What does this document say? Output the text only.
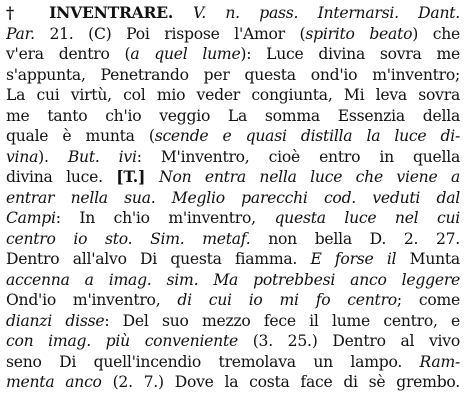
† INVENTRARE. V. n. pass. Internarsi. Dant.
Par. 21. (C) Poi rispose l'Amor (spirito beato) che
v'era dentro (a quel lume): Luce divina sovra me
s'appunta, Penetrando per questa ond'io m'inventro;
La cui virtù, col mio veder congiunta, Mi leva sovra
me tanto ch'io veggio La somma Essenzia della
quale è munta (scende e quasi distilla la luce di-
vina). But. ivi: M'inventro, cioè entro in quella
divina luce. [T.] Non entra nella luce che viene a
entrar nella sua. Meglio parecchi cod. veduti dal
Campi: In ch'io m'inventro, questa luce nel cui
centro io sto. Sim. metaf. non bella D. 2. 27.
Dentro all'alvo Di questa fiamma. E forse il Munta
accenna a imag. sim. Ma potrebbesi anco leggere
Ond'io m'inventro, di cui io mi fo centro; come
dianzi disse: Del suo mezzo fece il lume centro, e
con imag. più conveniente (3. 25.) Dentro al vivo
seno Di quell'incendio tremolava un lampo. Ram-
menta anco (2. 7.) Dove la costa face di sè grembo.
